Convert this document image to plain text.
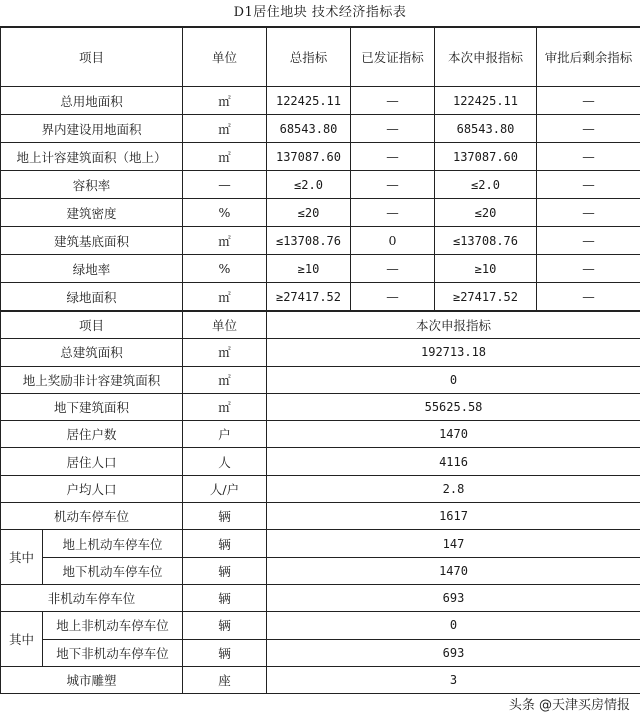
D1居住地块 技术经济指标表
项目	单位	总指标	已发证指标	本次申报指标	审批后剩余指标
总用地面积	㎡	122425.11	—	122425.11	—
界内建设用地面积	㎡	68543.80	—	68543.80	—
地上计容建筑面积（地上）	㎡	137087.60	—	137087.60	—
容积率	—	≤2.0	—	≤2.0	—
建筑密度	%	≤20	—	≤20	—
建筑基底面积	㎡	≤13708.76	0	≤13708.76	—
绿地率	%	≥10	—	≥10	—
绿地面积	㎡	≥27417.52	—	≥27417.52	—
项目		单位	本次申报指标
总建筑面积		㎡	192713.18
地上奖励非计容建筑面积		㎡	0
地下建筑面积		㎡	55625.58
居住户数		户	1470
居住人口		人	4116
户均人口		人/户	2.8
机动车停车位		辆	1617
其中	地上机动车停车位	辆	147
	地下机动车停车位	辆	1470
非机动车停车位		辆	693
其中	地上非机动车停车位	辆	0
	地下非机动车停车位	辆	693
城市雕塑		座	3
头条 @天津买房情报
